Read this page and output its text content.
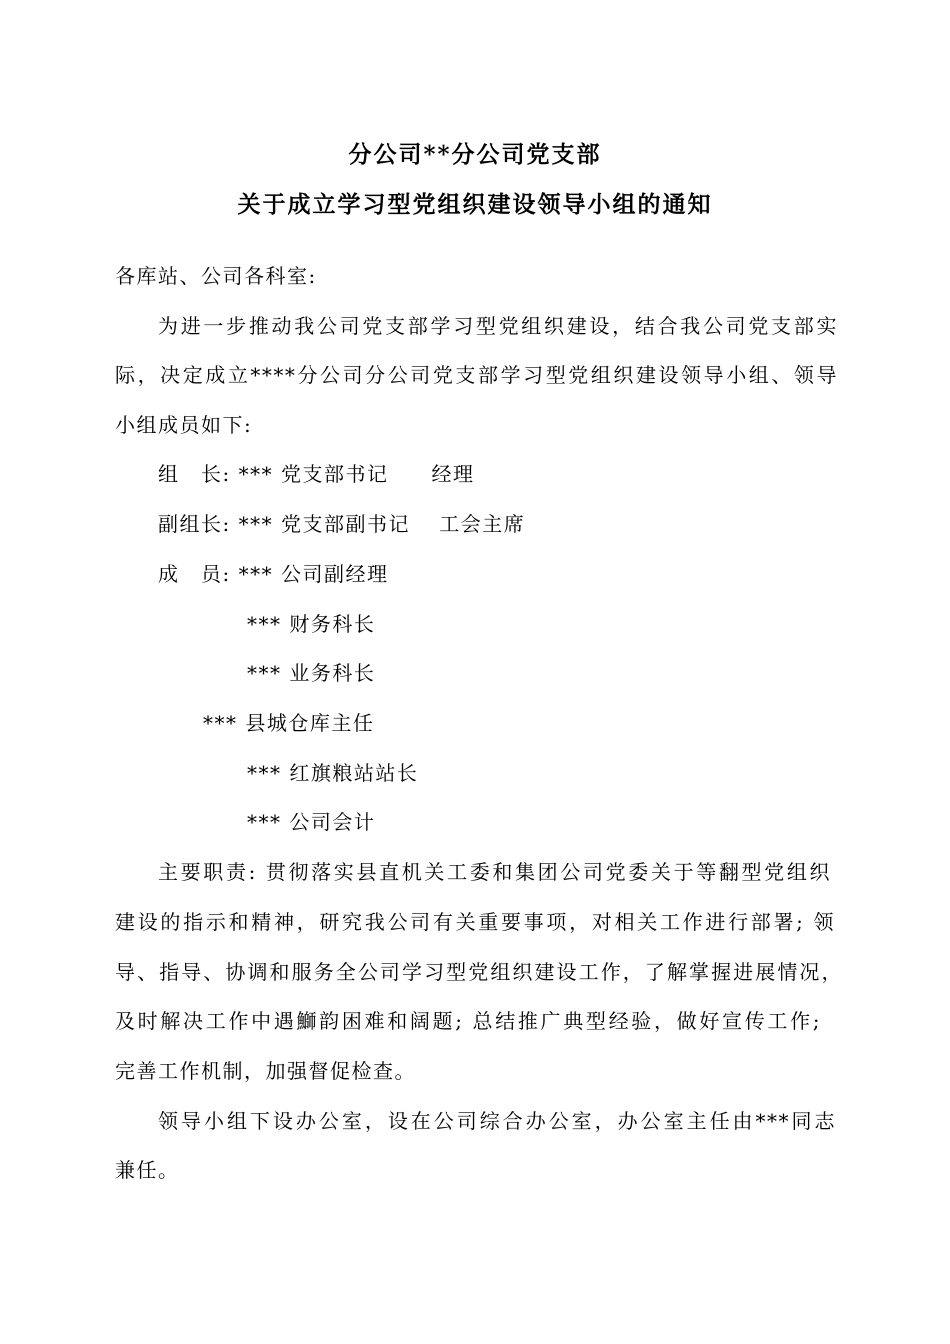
分公司**分公司党支部
关于成立学习型党组织建设领导小组的通知
各库站、公司各科室:
为进一步推动我公司党支部学习型党组织建设，结合我公司党支部实
际，决定成立****分公司分公司党支部学习型党组织建设领导小组、领导
小组成员如下:
组　长: *** 党支部书记　　经理
副组长: *** 党支部副书记　 工会主席
成　员: *** 公司副经理
*** 财务科长
*** 业务科长
*** 县城仓库主任
*** 红旗粮站站长
*** 公司会计
主要职责: 贯彻落实县直机关工委和集团公司党委关于等翻型党组织
建设的指示和精神，研究我公司有关重要事项，对相关工作进行部署; 领
导、指导、协调和服务全公司学习型党组织建设工作，了解掌握进展情况，
及时解决工作中遇鰤韵困难和阔题; 总结推广典型经验，做好宣传工作;
完善工作机制，加强督促检查。
领导小组下设办公室，设在公司综合办公室，办公室主任由***同志
兼任。
